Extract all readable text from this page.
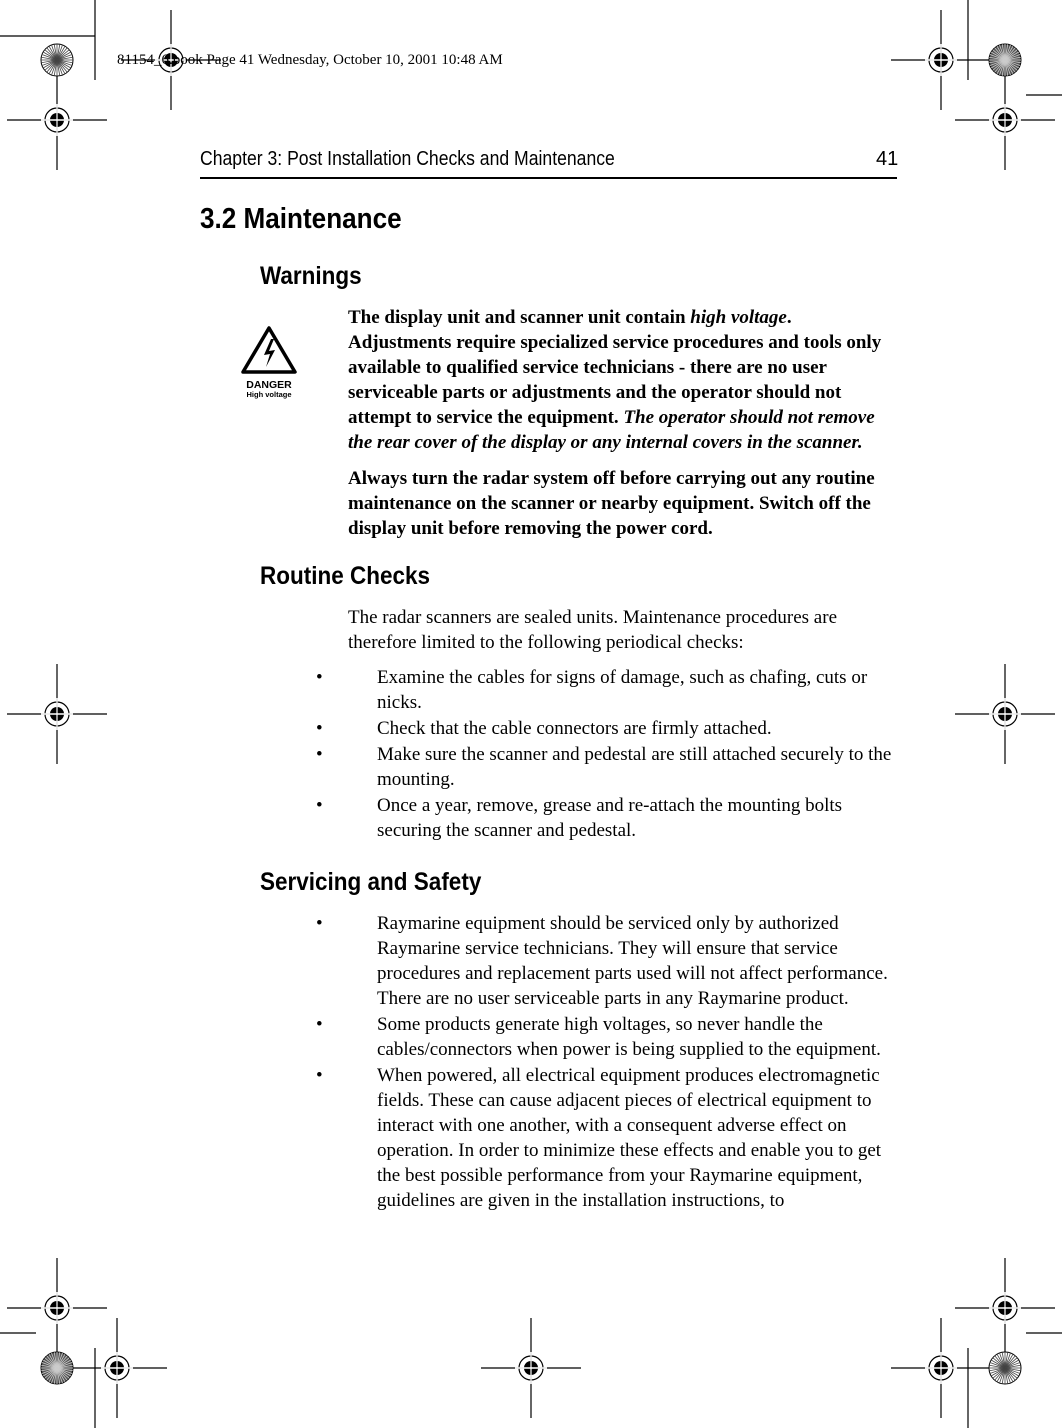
81154_6.book Page 41 Wednesday, October 10, 2001 10:48 AM
Chapter 3: Post Installation Checks and Maintenance	41
3.2 Maintenance
Warnings
DANGER
High voltage
The display unit and scanner unit contain high voltage. Adjustments require specialized service procedures and tools only available to qualified service technicians - there are no user serviceable parts or adjustments and the operator should not attempt to service the equipment. The operator should not remove the rear cover of the display or any internal covers in the scanner.
Always turn the radar system off before carrying out any routine maintenance on the scanner or nearby equipment. Switch off the display unit before removing the power cord.
Routine Checks
The radar scanners are sealed units. Maintenance procedures are therefore limited to the following periodical checks:
•	Examine the cables for signs of damage, such as chafing, cuts or nicks.
•	Check that the cable connectors are firmly attached.
•	Make sure the scanner and pedestal are still attached securely to the mounting.
•	Once a year, remove, grease and re-attach the mounting bolts securing the scanner and pedestal.
Servicing and Safety
•	Raymarine equipment should be serviced only by authorized Raymarine service technicians. They will ensure that service procedures and replacement parts used will not affect performance. There are no user serviceable parts in any Raymarine product.
•	Some products generate high voltages, so never handle the cables/connectors when power is being supplied to the equipment.
•	When powered, all electrical equipment produces electromagnetic fields. These can cause adjacent pieces of electrical equipment to interact with one another, with a consequent adverse effect on operation. In order to minimize these effects and enable you to get the best possible performance from your Raymarine equipment, guidelines are given in the installation instructions, to
